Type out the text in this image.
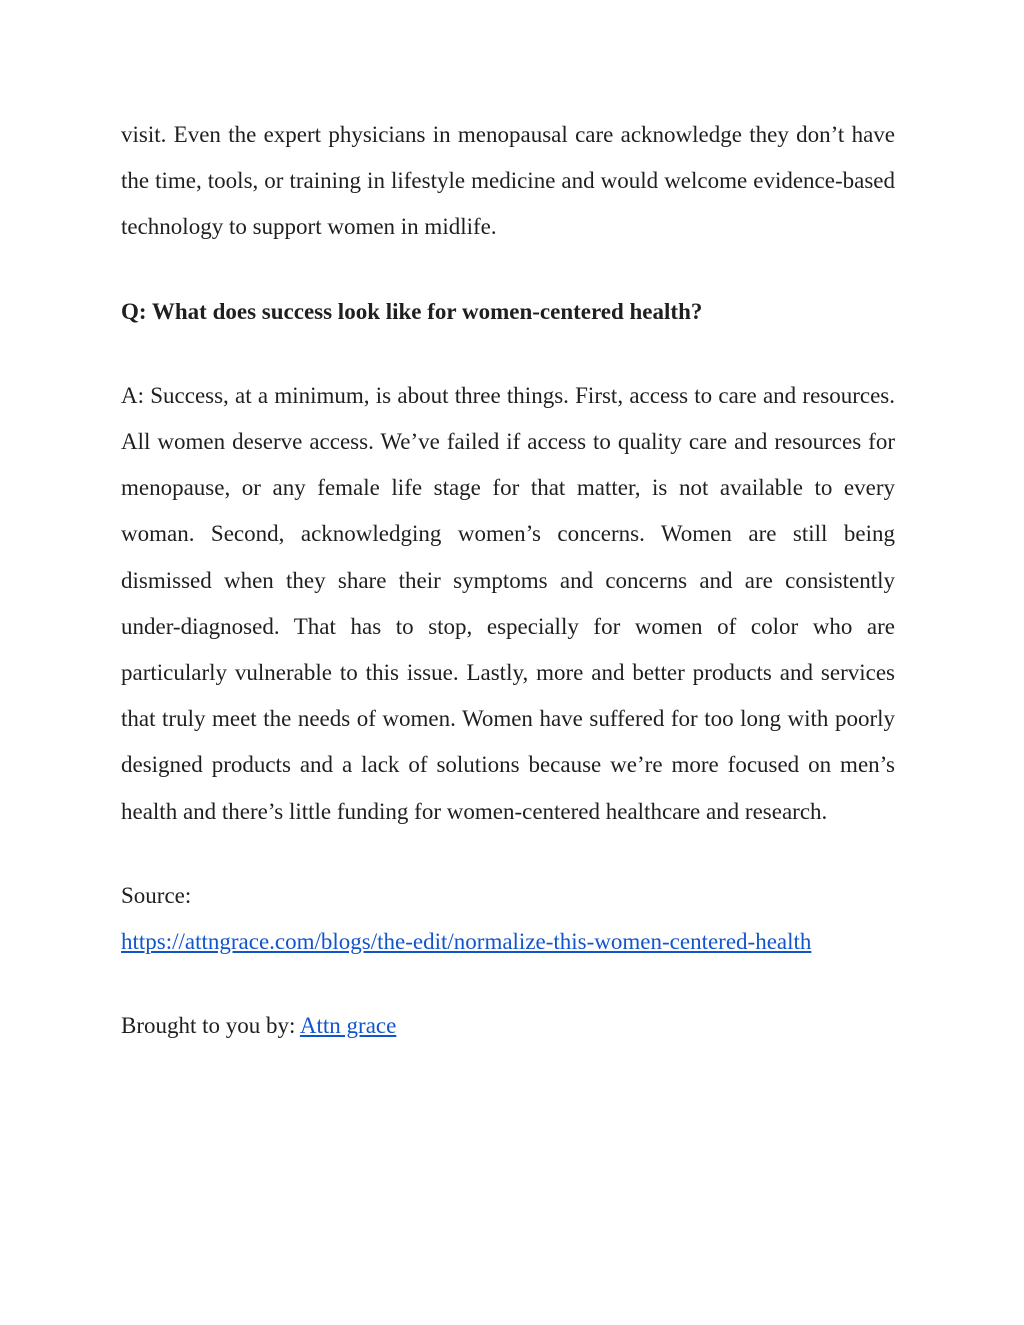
visit. Even the expert physicians in menopausal care acknowledge they don’t have the time, tools, or training in lifestyle medicine and would welcome evidence-based technology to support women in midlife.

Q: What does success look like for women-centered health?

A: Success, at a minimum, is about three things. First, access to care and resources. All women deserve access. We’ve failed if access to quality care and resources for menopause, or any female life stage for that matter, is not available to every woman. Second, acknowledging women’s concerns. Women are still being dismissed when they share their symptoms and concerns and are consistently under-diagnosed. That has to stop, especially for women of color who are particularly vulnerable to this issue. Lastly, more and better products and services that truly meet the needs of women. Women have suffered for too long with poorly designed products and a lack of solutions because we’re more focused on men’s health and there’s little funding for women-centered healthcare and research.

Source:
https://attngrace.com/blogs/the-edit/normalize-this-women-centered-health

Brought to you by: Attn grace
